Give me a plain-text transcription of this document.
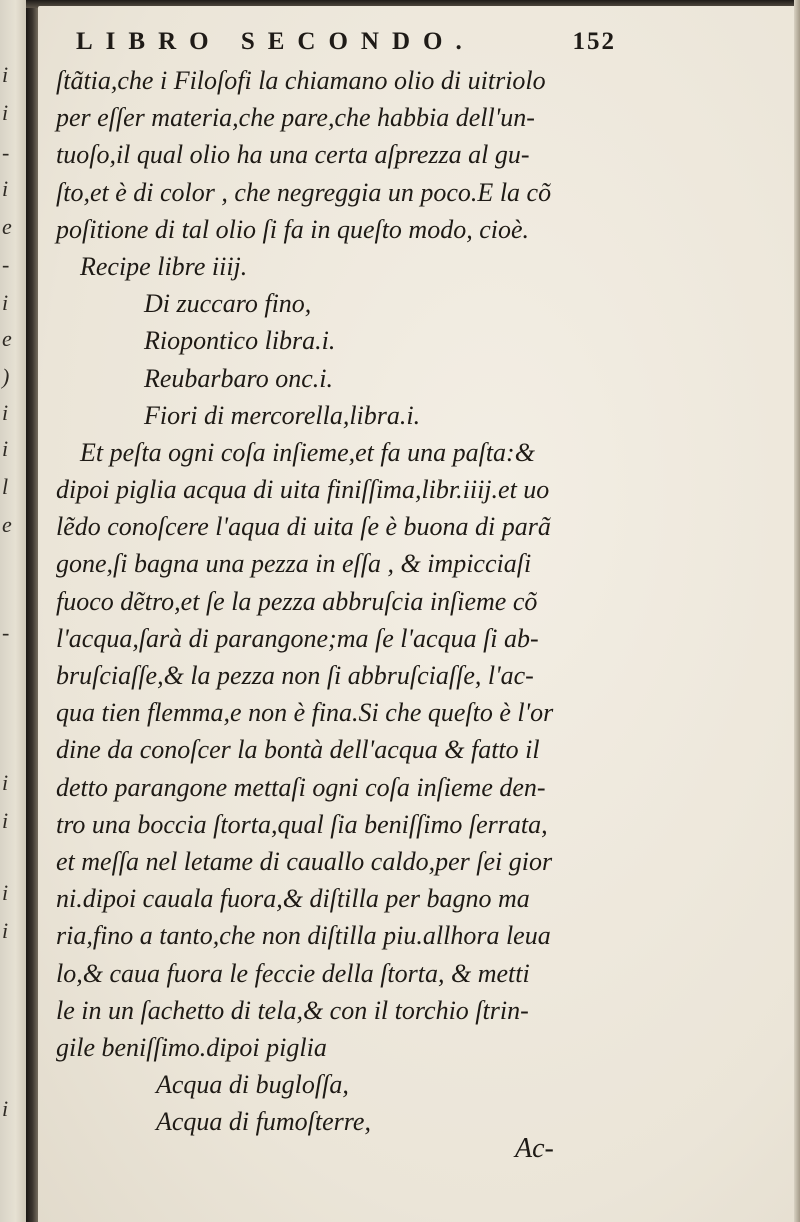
i
i
-
i
e
-
i
e
)
i
i
l
e
-
i
i
i
i
i
LIBRO SECONDO.	152
ſtãtia,che i Filoſofi la chiamano olio di uitriolo
per eſſer materia,che pare,che habbia dell'un-
tuoſo,il qual olio ha una certa aſprezza al gu-
ſto,et è di color , che negreggia un poco.E la cõ
poſitione di tal olio ſi fa in queſto modo, cioè.
Recipe libre iiij.
Di zuccaro fino,
Riopontico libra.i.
Reubarbaro onc.i.
Fiori di mercorella,libra.i.
Et peſta ogni coſa inſieme,et fa una paſta:&
dipoi piglia acqua di uita finiſſima,libr.iiij.et uo
lẽdo conoſcere l'aqua di uita ſe è buona di parã
gone,ſi bagna una pezza in eſſa , & impicciaſi
fuoco dẽtro,et ſe la pezza abbruſcia inſieme cõ
l'acqua,ſarà di parangone;ma ſe l'acqua ſi ab-
bruſciaſſe,& la pezza non ſi abbruſciaſſe, l'ac-
qua tien flemma,e non è fina.Si che queſto è l'or
dine da conoſcer la bontà dell'acqua & fatto il
detto parangone mettaſi ogni coſa inſieme den-
tro una boccia ſtorta,qual ſia beniſſimo ſerrata,
et meſſa nel letame di cauallo caldo,per ſei gior
ni.dipoi cauala fuora,& diſtilla per bagno ma
ria,fino a tanto,che non diſtilla piu.allhora leua
lo,& caua fuora le feccie della ſtorta, & metti
le in un ſachetto di tela,& con il torchio ſtrin-
gile beniſſimo.dipoi piglia
Acqua di bugloſſa,
Acqua di fumoſterre,
Ac-
